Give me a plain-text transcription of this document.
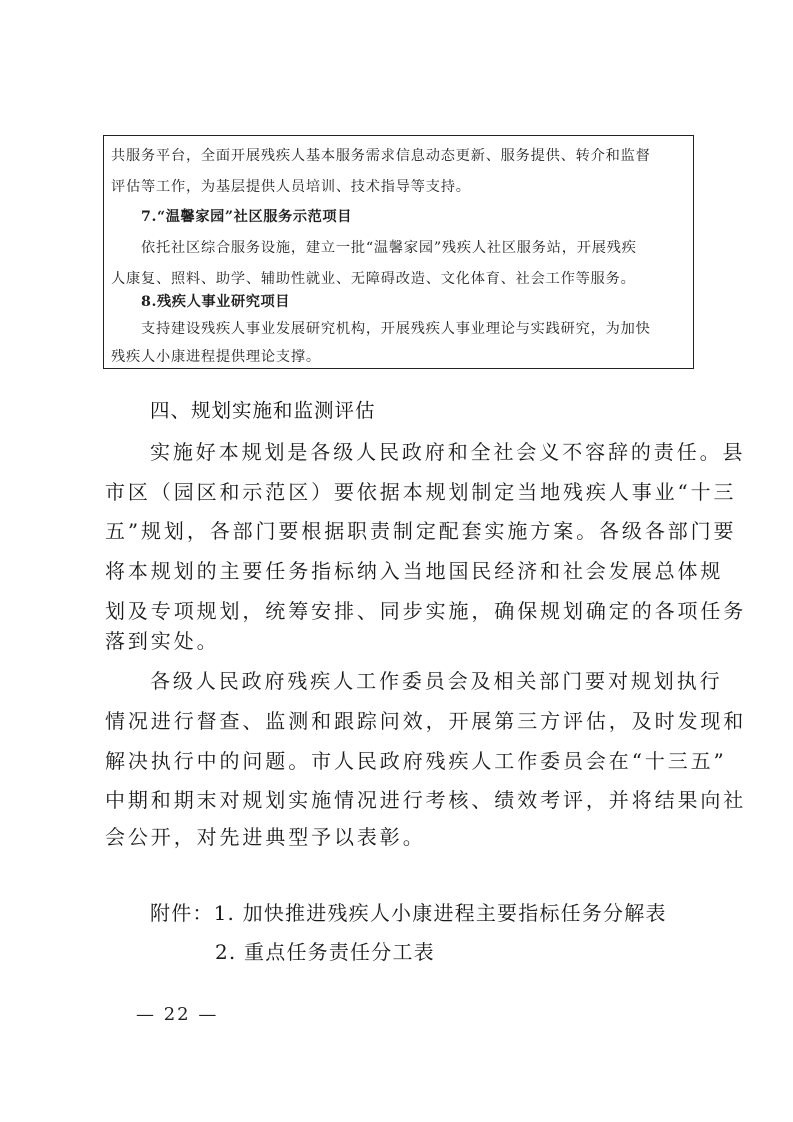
共服务平台，全面开展残疾人基本服务需求信息动态更新、服务提供、转介和监督
评估等工作，为基层提供人员培训、技术指导等支持。
7.“温馨家园”社区服务示范项目
依托社区综合服务设施，建立一批“温馨家园”残疾人社区服务站，开展残疾
人康复、照料、助学、辅助性就业、无障碍改造、文化体育、社会工作等服务。
8.残疾人事业研究项目
支持建设残疾人事业发展研究机构，开展残疾人事业理论与实践研究，为加快
残疾人小康进程提供理论支撑。
四、规划实施和监测评估
实施好本规划是各级人民政府和全社会义不容辞的责任。县
市区（园区和示范区）要依据本规划制定当地残疾人事业“十三
五”规划，各部门要根据职责制定配套实施方案。各级各部门要
将本规划的主要任务指标纳入当地国民经济和社会发展总体规
划及专项规划，统筹安排、同步实施，确保规划确定的各项任务
落到实处。
各级人民政府残疾人工作委员会及相关部门要对规划执行
情况进行督查、监测和跟踪问效，开展第三方评估，及时发现和
解决执行中的问题。市人民政府残疾人工作委员会在“十三五”
中期和期末对规划实施情况进行考核、绩效考评，并将结果向社
会公开，对先进典型予以表彰。
附件：1. 加快推进残疾人小康进程主要指标任务分解表
2. 重点任务责任分工表
— 22 —
